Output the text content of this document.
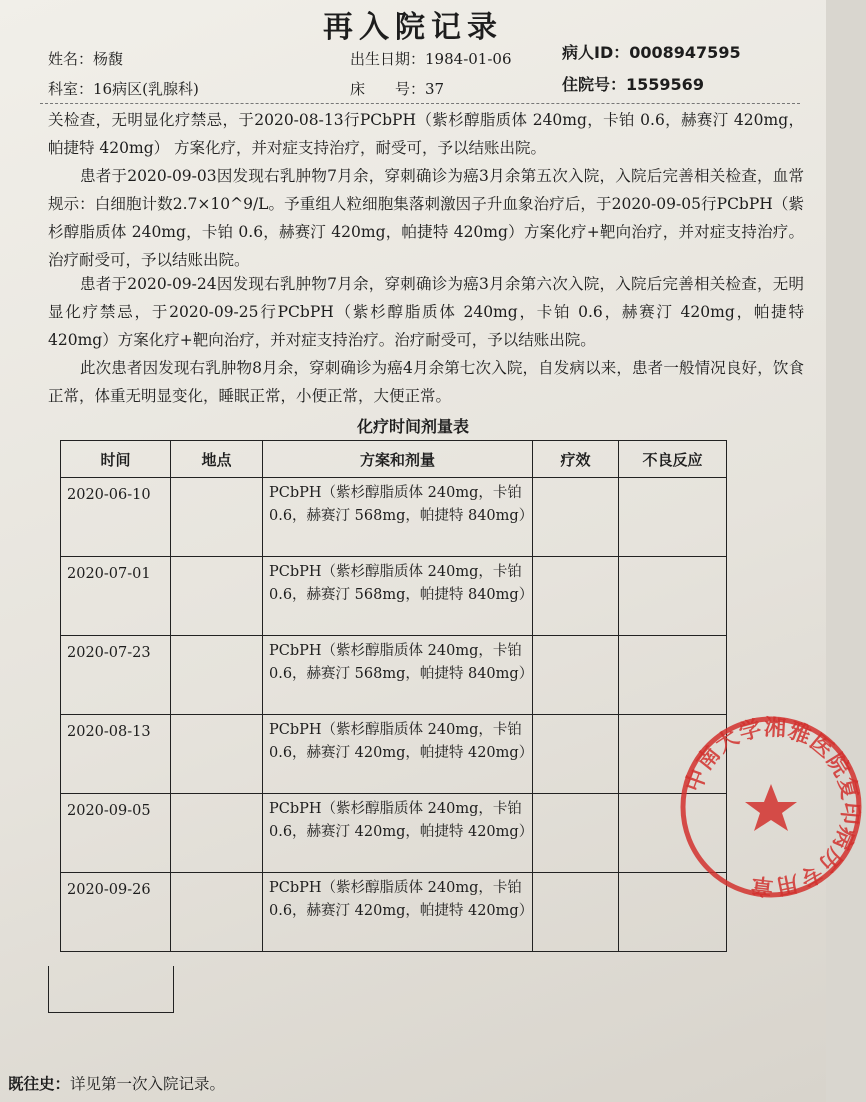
再入院记录
姓名：杨馥	出生日期：1984-01-06	病人ID：0008947595
科室：16病区(乳腺科)	床　　号：37	住院号：1559569

关检查，无明显化疗禁忌，于2020-08-13行PCbPH（紫杉醇脂质体 240mg，卡铂 0.6，赫赛汀 420mg，帕捷特 420mg） 方案化疗，并对症支持治疗，耐受可，予以结账出院。

患者于2020-09-03因发现右乳肿物7月余，穿刺确诊为癌3月余第五次入院，入院后完善相关检查，血常规示：白细胞计数2.7×10^9/L。予重组人粒细胞集落刺激因子升血象治疗后，于2020-09-05行PCbPH（紫杉醇脂质体 240mg，卡铂 0.6，赫赛汀 420mg，帕捷特 420mg）方案化疗+靶向治疗，并对症支持治疗。治疗耐受可，予以结账出院。

患者于2020-09-24因发现右乳肿物7月余，穿刺确诊为癌3月余第六次入院，入院后完善相关检查，无明显化疗禁忌，于2020-09-25行PCbPH（紫杉醇脂质体 240mg，卡铂 0.6，赫赛汀 420mg，帕捷特 420mg）方案化疗+靶向治疗，并对症支持治疗。治疗耐受可，予以结账出院。

此次患者因发现右乳肿物8月余，穿刺确诊为癌4月余第七次入院，自发病以来，患者一般情况良好，饮食正常，体重无明显变化，睡眠正常，小便正常，大便正常。

化疗时间剂量表
时间	地点	方案和剂量	疗效	不良反应
2020-06-10		PCbPH（紫杉醇脂质体 240mg，卡铂 0.6，赫赛汀 568mg，帕捷特 840mg）		
2020-07-01		PCbPH（紫杉醇脂质体 240mg，卡铂 0.6，赫赛汀 568mg，帕捷特 840mg）		
2020-07-23		PCbPH（紫杉醇脂质体 240mg，卡铂 0.6，赫赛汀 568mg，帕捷特 840mg）		
2020-08-13		PCbPH（紫杉醇脂质体 240mg，卡铂 0.6，赫赛汀 420mg，帕捷特 420mg）		
2020-09-05		PCbPH（紫杉醇脂质体 240mg，卡铂 0.6，赫赛汀 420mg，帕捷特 420mg）		
2020-09-26		PCbPH（紫杉醇脂质体 240mg，卡铂 0.6，赫赛汀 420mg，帕捷特 420mg）		
中南大学湘雅医院复印病历专用章
既往史：详见第一次入院记录。
